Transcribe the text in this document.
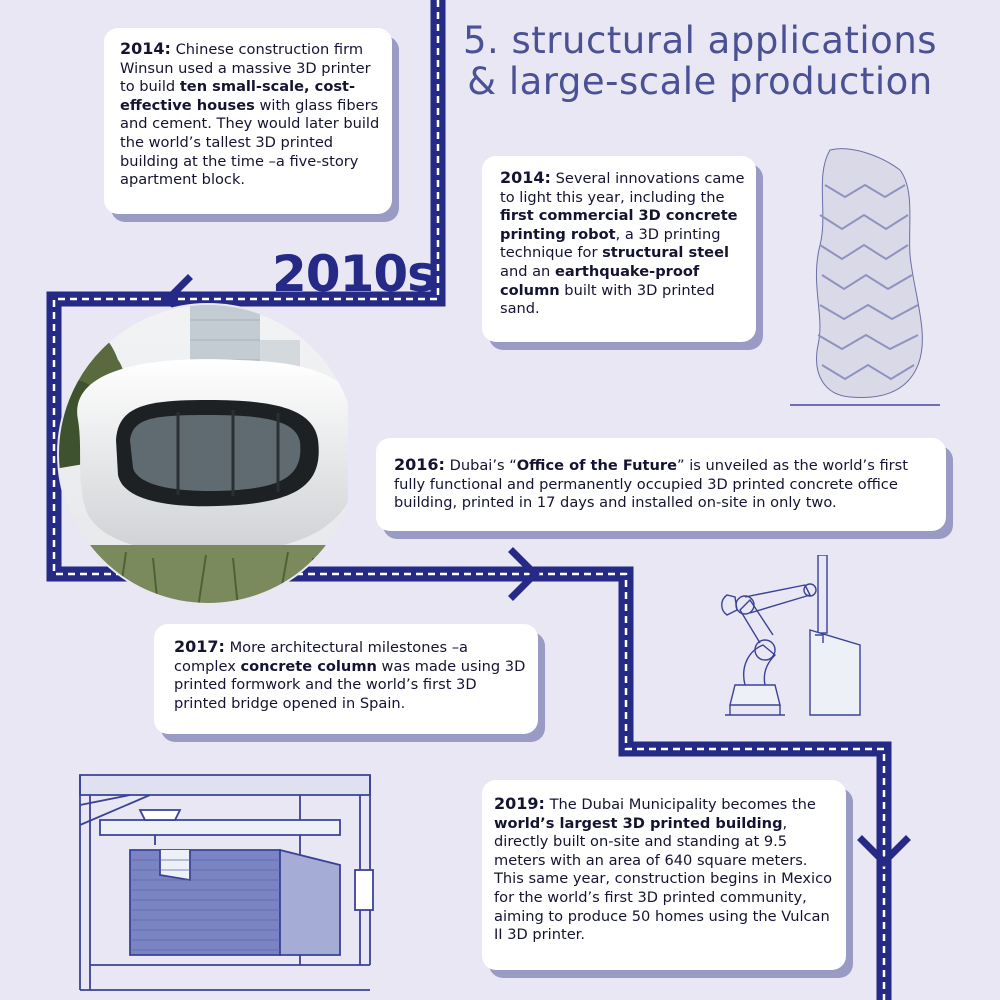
5. structural applications
& large-scale production
2010s
2014: Chinese construction firm Winsun used a massive 3D printer to build ten small-scale, cost-effective houses with glass fibers and cement. They would later build the world’s tallest 3D printed building at the time –a five-story apartment block.	2014: Several innovations came to light this year, including the first commercial 3D concrete printing robot, a 3D printing technique for structural steel and an earthquake-proof column built with 3D printed sand.
2016: Dubai’s “Office of the Future” is unveiled as the world’s first fully functional and permanently occupied 3D printed concrete office building, printed in 17 days and installed on-site in only two.
2017: More architectural milestones –a complex concrete column was made using 3D printed formwork and the world’s first 3D printed bridge opened in Spain.
2019: The Dubai Municipality becomes the world’s largest 3D printed building, directly built on-site and standing at 9.5 meters with an area of 640 square meters. This same year, construction begins in Mexico for the world’s first 3D printed community, aiming to produce 50 homes using the Vulcan II 3D printer.
